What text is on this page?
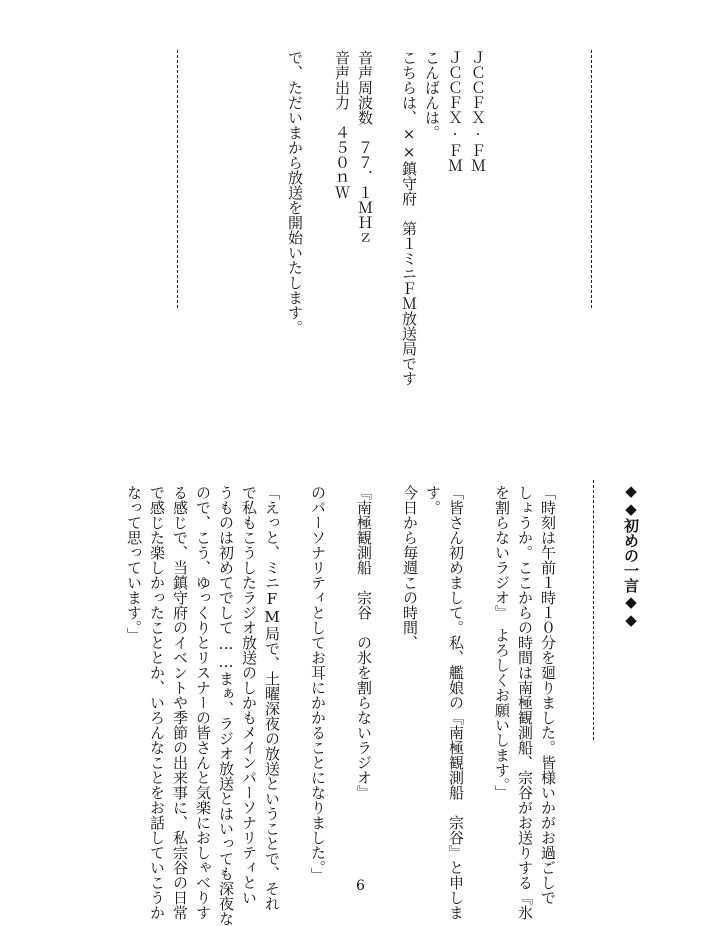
ＪＣＣＦＸ·ＦＭ
ＪＣＣＦＸ·ＦＭ
こんばんは。
こちらは、××鎮守府　第１ミニＦＭ放送局です
音声周波数　７７．１ＭＨｚ
音声出力　４５０ｎＷ
で、ただいまから放送を開始いたします。
◆◆初めの一言◆◆
「時刻は午前１時１０分を廻りました。皆様いかがお過ごしで
しょうか。ここからの時間は南極観測船、宗谷がお送りする『氷
を割らないラジオ』　よろしくお願いします。」
「皆さん初めまして。私、艦娘の『南極観測船　宗谷』と申しま
す。
今日から毎週この時間、
『南極観測船　宗谷　の氷を割らないラジオ』
のパーソナリティとしてお耳にかかることになりました。」
「えっと、ミニFM局で、土曜深夜の放送ということで、それ
で私もこうしたラジオ放送のしかもメインパーソナリティとい
うものは初めてでして……まぁ、ラジオ放送とはいっても深夜な
ので、こう、ゆっくりとリスナーの皆さんと気楽におしゃべりす
る感じで、当鎮守府のイベントや季節の出来事に、私宗谷の日常
で感じた楽しかったこととか、いろんなことをお話していこうか
なって思っています。」
6
